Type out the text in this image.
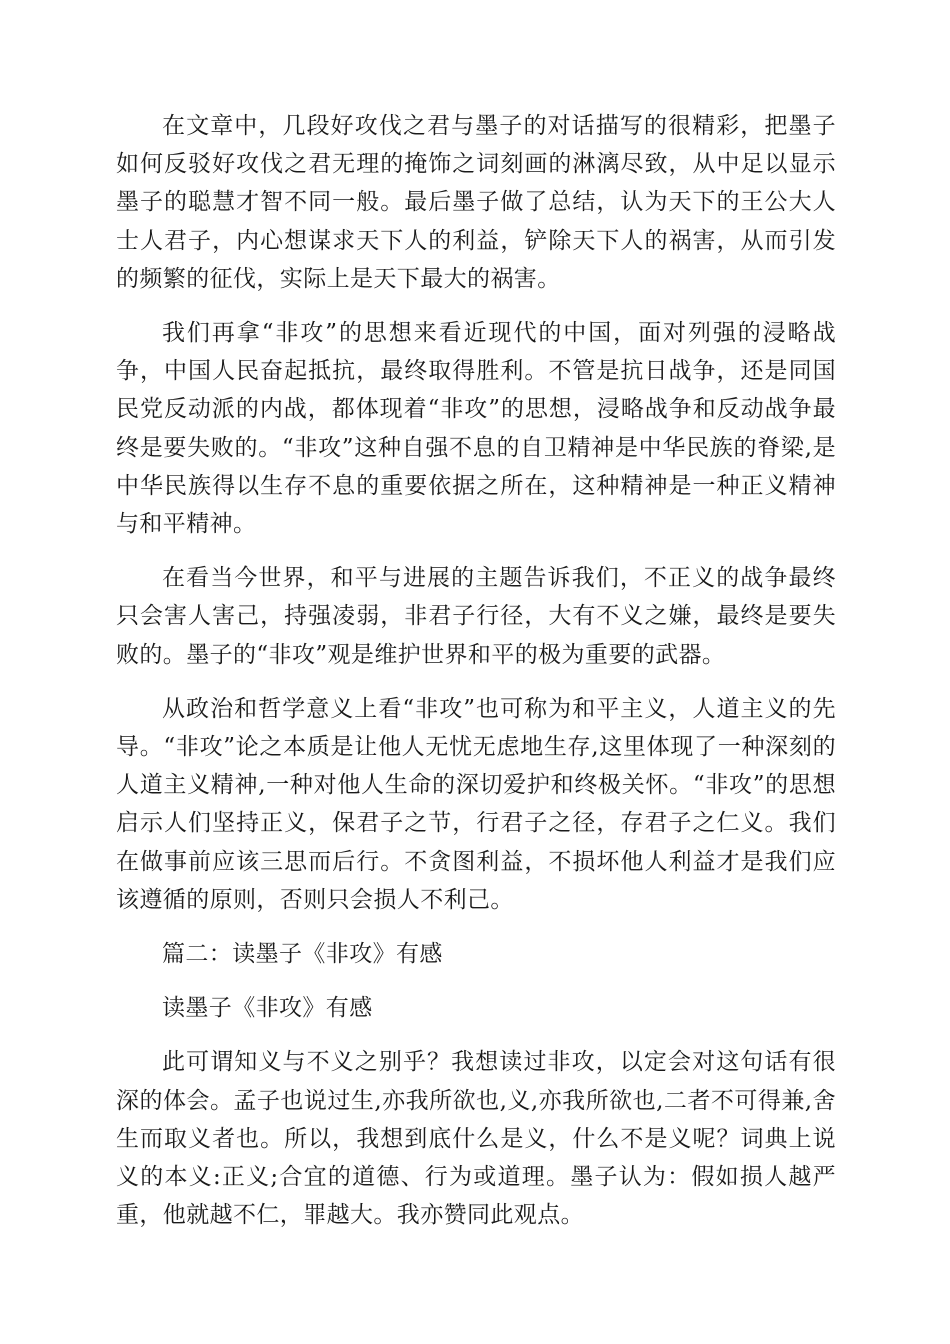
在文章中，几段好攻伐之君与墨子的对话描写的很精彩，把墨子如何反驳好攻伐之君无理的掩饰之词刻画的淋漓尽致，从中足以显示墨子的聪慧才智不同一般。最后墨子做了总结，认为天下的王公大人士人君子，内心想谋求天下人的利益，铲除天下人的祸害，从而引发的频繁的征伐，实际上是天下最大的祸害。

我们再拿“非攻”的思想来看近现代的中国，面对列强的浸略战争，中国人民奋起抵抗，最终取得胜利。不管是抗日战争，还是同国民党反动派的内战，都体现着“非攻”的思想，浸略战争和反动战争最终是要失败的。“非攻”这种自强不息的自卫精神是中华民族的脊梁,是中华民族得以生存不息的重要依据之所在，这种精神是一种正义精神与和平精神。

在看当今世界，和平与进展的主题告诉我们，不正义的战争最终只会害人害己，持强凌弱，非君子行径，大有不义之嫌，最终是要失败的。墨子的“非攻”观是维护世界和平的极为重要的武器。

从政治和哲学意义上看“非攻”也可称为和平主义，人道主义的先导。“非攻”论之本质是让他人无忧无虑地生存,这里体现了一种深刻的人道主义精神,一种对他人生命的深切爱护和终极关怀。“非攻”的思想启示人们坚持正义，保君子之节，行君子之径，存君子之仁义。我们在做事前应该三思而后行。不贪图利益，不损坏他人利益才是我们应该遵循的原则，否则只会损人不利己。

篇二：读墨子《非攻》有感

读墨子《非攻》有感

此可谓知义与不义之别乎？我想读过非攻，以定会对这句话有很深的体会。孟子也说过生,亦我所欲也,义,亦我所欲也,二者不可得兼,舍生而取义者也。所以，我想到底什么是义，什么不是义呢？词典上说义的本义:正义;合宜的道德、行为或道理。墨子认为：假如损人越严重，他就越不仁，罪越大。我亦赞同此观点。
